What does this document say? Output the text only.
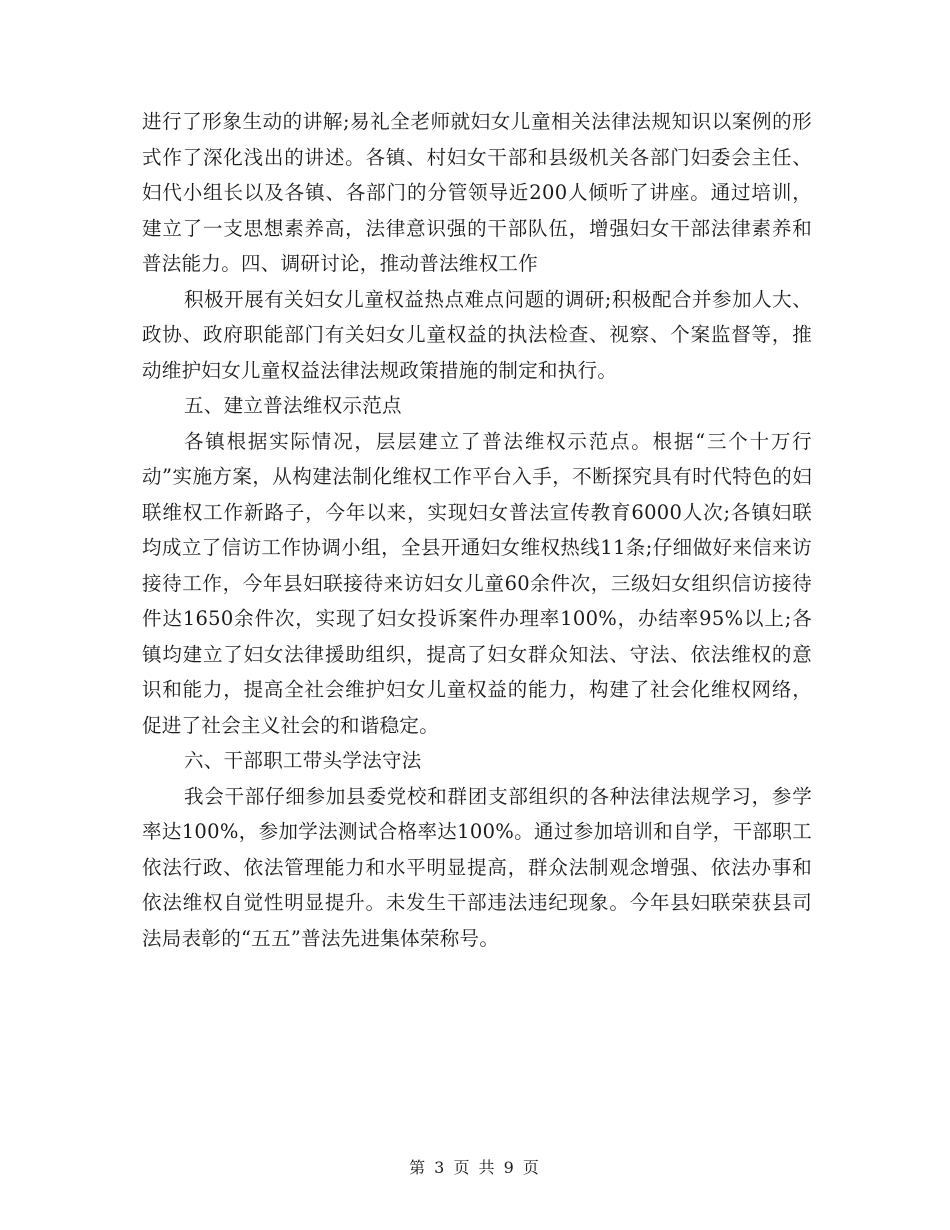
进行了形象生动的讲解;易礼全老师就妇女儿童相关法律法规知识以案例的形式作了深化浅出的讲述。各镇、村妇女干部和县级机关各部门妇委会主任、妇代小组长以及各镇、各部门的分管领导近200人倾听了讲座。通过培训，建立了一支思想素养高，法律意识强的干部队伍，增强妇女干部法律素养和普法能力。四、调研讨论，推动普法维权工作

积极开展有关妇女儿童权益热点难点问题的调研;积极配合并参加人大、政协、政府职能部门有关妇女儿童权益的执法检查、视察、个案监督等，推动维护妇女儿童权益法律法规政策措施的制定和执行。

五、建立普法维权示范点

各镇根据实际情况，层层建立了普法维权示范点。根据“三个十万行动”实施方案，从构建法制化维权工作平台入手，不断探究具有时代特色的妇联维权工作新路子，今年以来，实现妇女普法宣传教育6000人次;各镇妇联均成立了信访工作协调小组，全县开通妇女维权热线11条;仔细做好来信来访接待工作，今年县妇联接待来访妇女儿童60余件次，三级妇女组织信访接待件达1650余件次，实现了妇女投诉案件办理率100%，办结率95%以上;各镇均建立了妇女法律援助组织，提高了妇女群众知法、守法、依法维权的意识和能力，提高全社会维护妇女儿童权益的能力，构建了社会化维权网络，促进了社会主义社会的和谐稳定。

六、干部职工带头学法守法

我会干部仔细参加县委党校和群团支部组织的各种法律法规学习，参学率达100%，参加学法测试合格率达100%。通过参加培训和自学，干部职工依法行政、依法管理能力和水平明显提高，群众法制观念增强、依法办事和依法维权自觉性明显提升。未发生干部违法违纪现象。今年县妇联荣获县司法局表彰的“五五”普法先进集体荣称号。

第 3 页 共 9 页
